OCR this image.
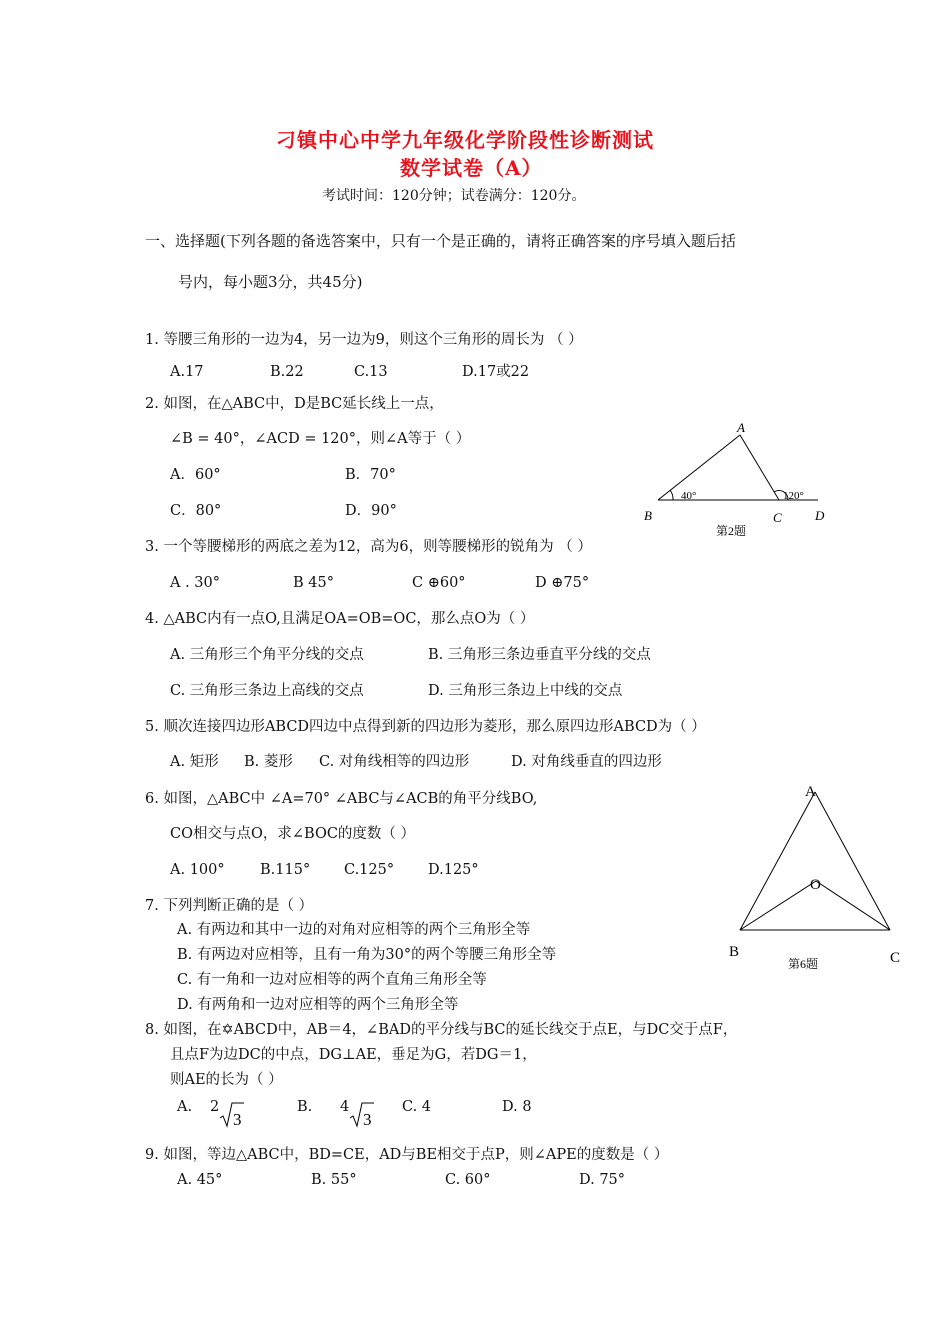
刁镇中心中学九年级化学阶段性诊断测试
数学试卷（A）
考试时间：120分钟；试卷满分：120分。
一、选择题(下列各题的备选答案中，只有一个是正确的，请将正确答案的序号填入题后括
号内，每小题3分，共45分)
1. 等腰三角形的一边为4，另一边为9，则这个三角形的周长为 （ ）
A.17	B.22	C.13	D.17或22
2. 如图，在△ABC中，D是BC延长线上一点，
∠B = 40°，∠ACD = 120°，则∠A等于（ ）
A．60°	B．70°
C．80°	D．90°
A
B	C	D
40°	120°
第2题
3. 一个等腰梯形的两底之差为12，高为6，则等腰梯形的锐角为 （ ）
A . 30°	B 45°	C ⊕60°	D ⊕75°
4. △ABC内有一点O,且满足OA=OB=OC，那么点O为（ ）
A. 三角形三个角平分线的交点	B. 三角形三条边垂直平分线的交点
C. 三角形三条边上高线的交点	D. 三角形三条边上中线的交点
5. 顺次连接四边形ABCD四边中点得到新的四边形为菱形，那么原四边形ABCD为（ ）
A. 矩形 B. 菱形 C. 对角线相等的四边形	D. 对角线垂直的四边形
6. 如图，△ABC中 ∠A=70° ∠ABC与∠ACB的角平分线BO,
CO相交与点O，求∠BOC的度数（ ）
A. 100° B.115° C.125° D.125°
A
O
B	C
第6题
7. 下列判断正确的是（ ）
A. 有两边和其中一边的对角对应相等的两个三角形全等
B. 有两边对应相等，且有一角为30°的两个等腰三角形全等
C. 有一角和一边对应相等的两个直角三角形全等
D. 有两角和一边对应相等的两个三角形全等
8. 如图，在✡ABCD中，AB＝4，∠BAD的平分线与BC的延长线交于点E，与DC交于点F，
且点F为边DC的中点，DG⊥AE，垂足为G，若DG＝1，
则AE的长为（ ）
A. 2
3
B. 4
3
C. 4	D. 8
9. 如图，等边△ABC中，BD=CE，AD与BE相交于点P，则∠APE的度数是（ ）
A. 45°	B. 55°	C. 60°	D. 75°
